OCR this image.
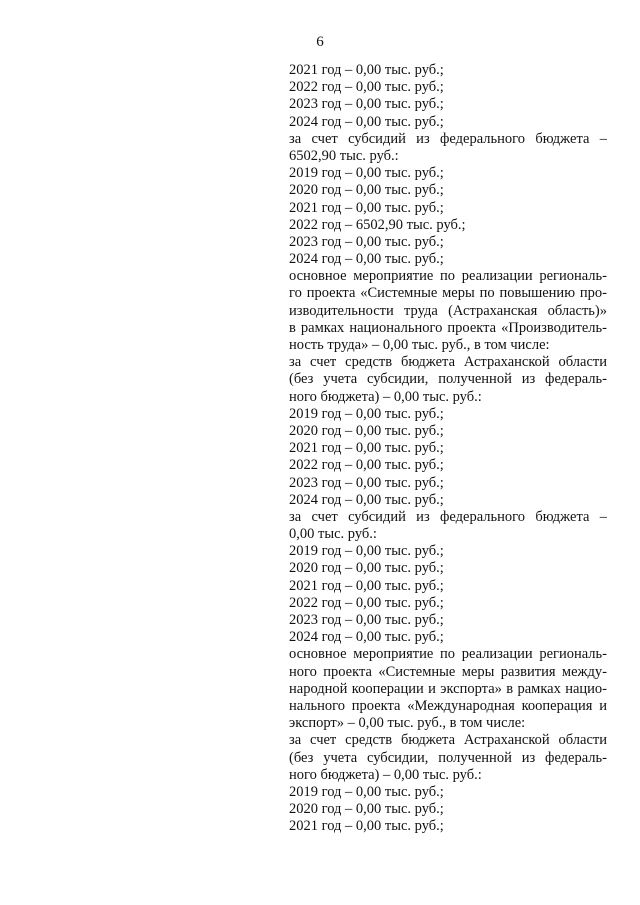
6
2021 год – 0,00 тыс. руб.;
2022 год – 0,00 тыс. руб.;
2023 год – 0,00 тыс. руб.;
2024 год – 0,00 тыс. руб.;
за счет субсидий из федерального бюджета –
6502,90 тыс. руб.:
2019 год – 0,00 тыс. руб.;
2020 год – 0,00 тыс. руб.;
2021 год – 0,00 тыс. руб.;
2022 год – 6502,90 тыс. руб.;
2023 год – 0,00 тыс. руб.;
2024 год – 0,00 тыс. руб.;
основное мероприятие по реализации региональ-
го проекта «Системные меры по повышению про-
изводительности труда (Астраханская область)»
в рамках национального проекта «Производитель-
ность труда» – 0,00 тыс. руб., в том числе:
за счет средств бюджета Астраханской области
(без учета субсидии, полученной из федераль-
ного бюджета) – 0,00 тыс. руб.:
2019 год – 0,00 тыс. руб.;
2020 год – 0,00 тыс. руб.;
2021 год – 0,00 тыс. руб.;
2022 год – 0,00 тыс. руб.;
2023 год – 0,00 тыс. руб.;
2024 год – 0,00 тыс. руб.;
за счет субсидий из федерального бюджета –
0,00 тыс. руб.:
2019 год – 0,00 тыс. руб.;
2020 год – 0,00 тыс. руб.;
2021 год – 0,00 тыс. руб.;
2022 год – 0,00 тыс. руб.;
2023 год – 0,00 тыс. руб.;
2024 год – 0,00 тыс. руб.;
основное мероприятие по реализации региональ-
ного проекта «Системные меры развития между-
народной кооперации и экспорта» в рамках нацио-
нального проекта «Международная кооперация и
экспорт» – 0,00 тыс. руб., в том числе:
за счет средств бюджета Астраханской области
(без учета субсидии, полученной из федераль-
ного бюджета) – 0,00 тыс. руб.:
2019 год – 0,00 тыс. руб.;
2020 год – 0,00 тыс. руб.;
2021 год – 0,00 тыс. руб.;
